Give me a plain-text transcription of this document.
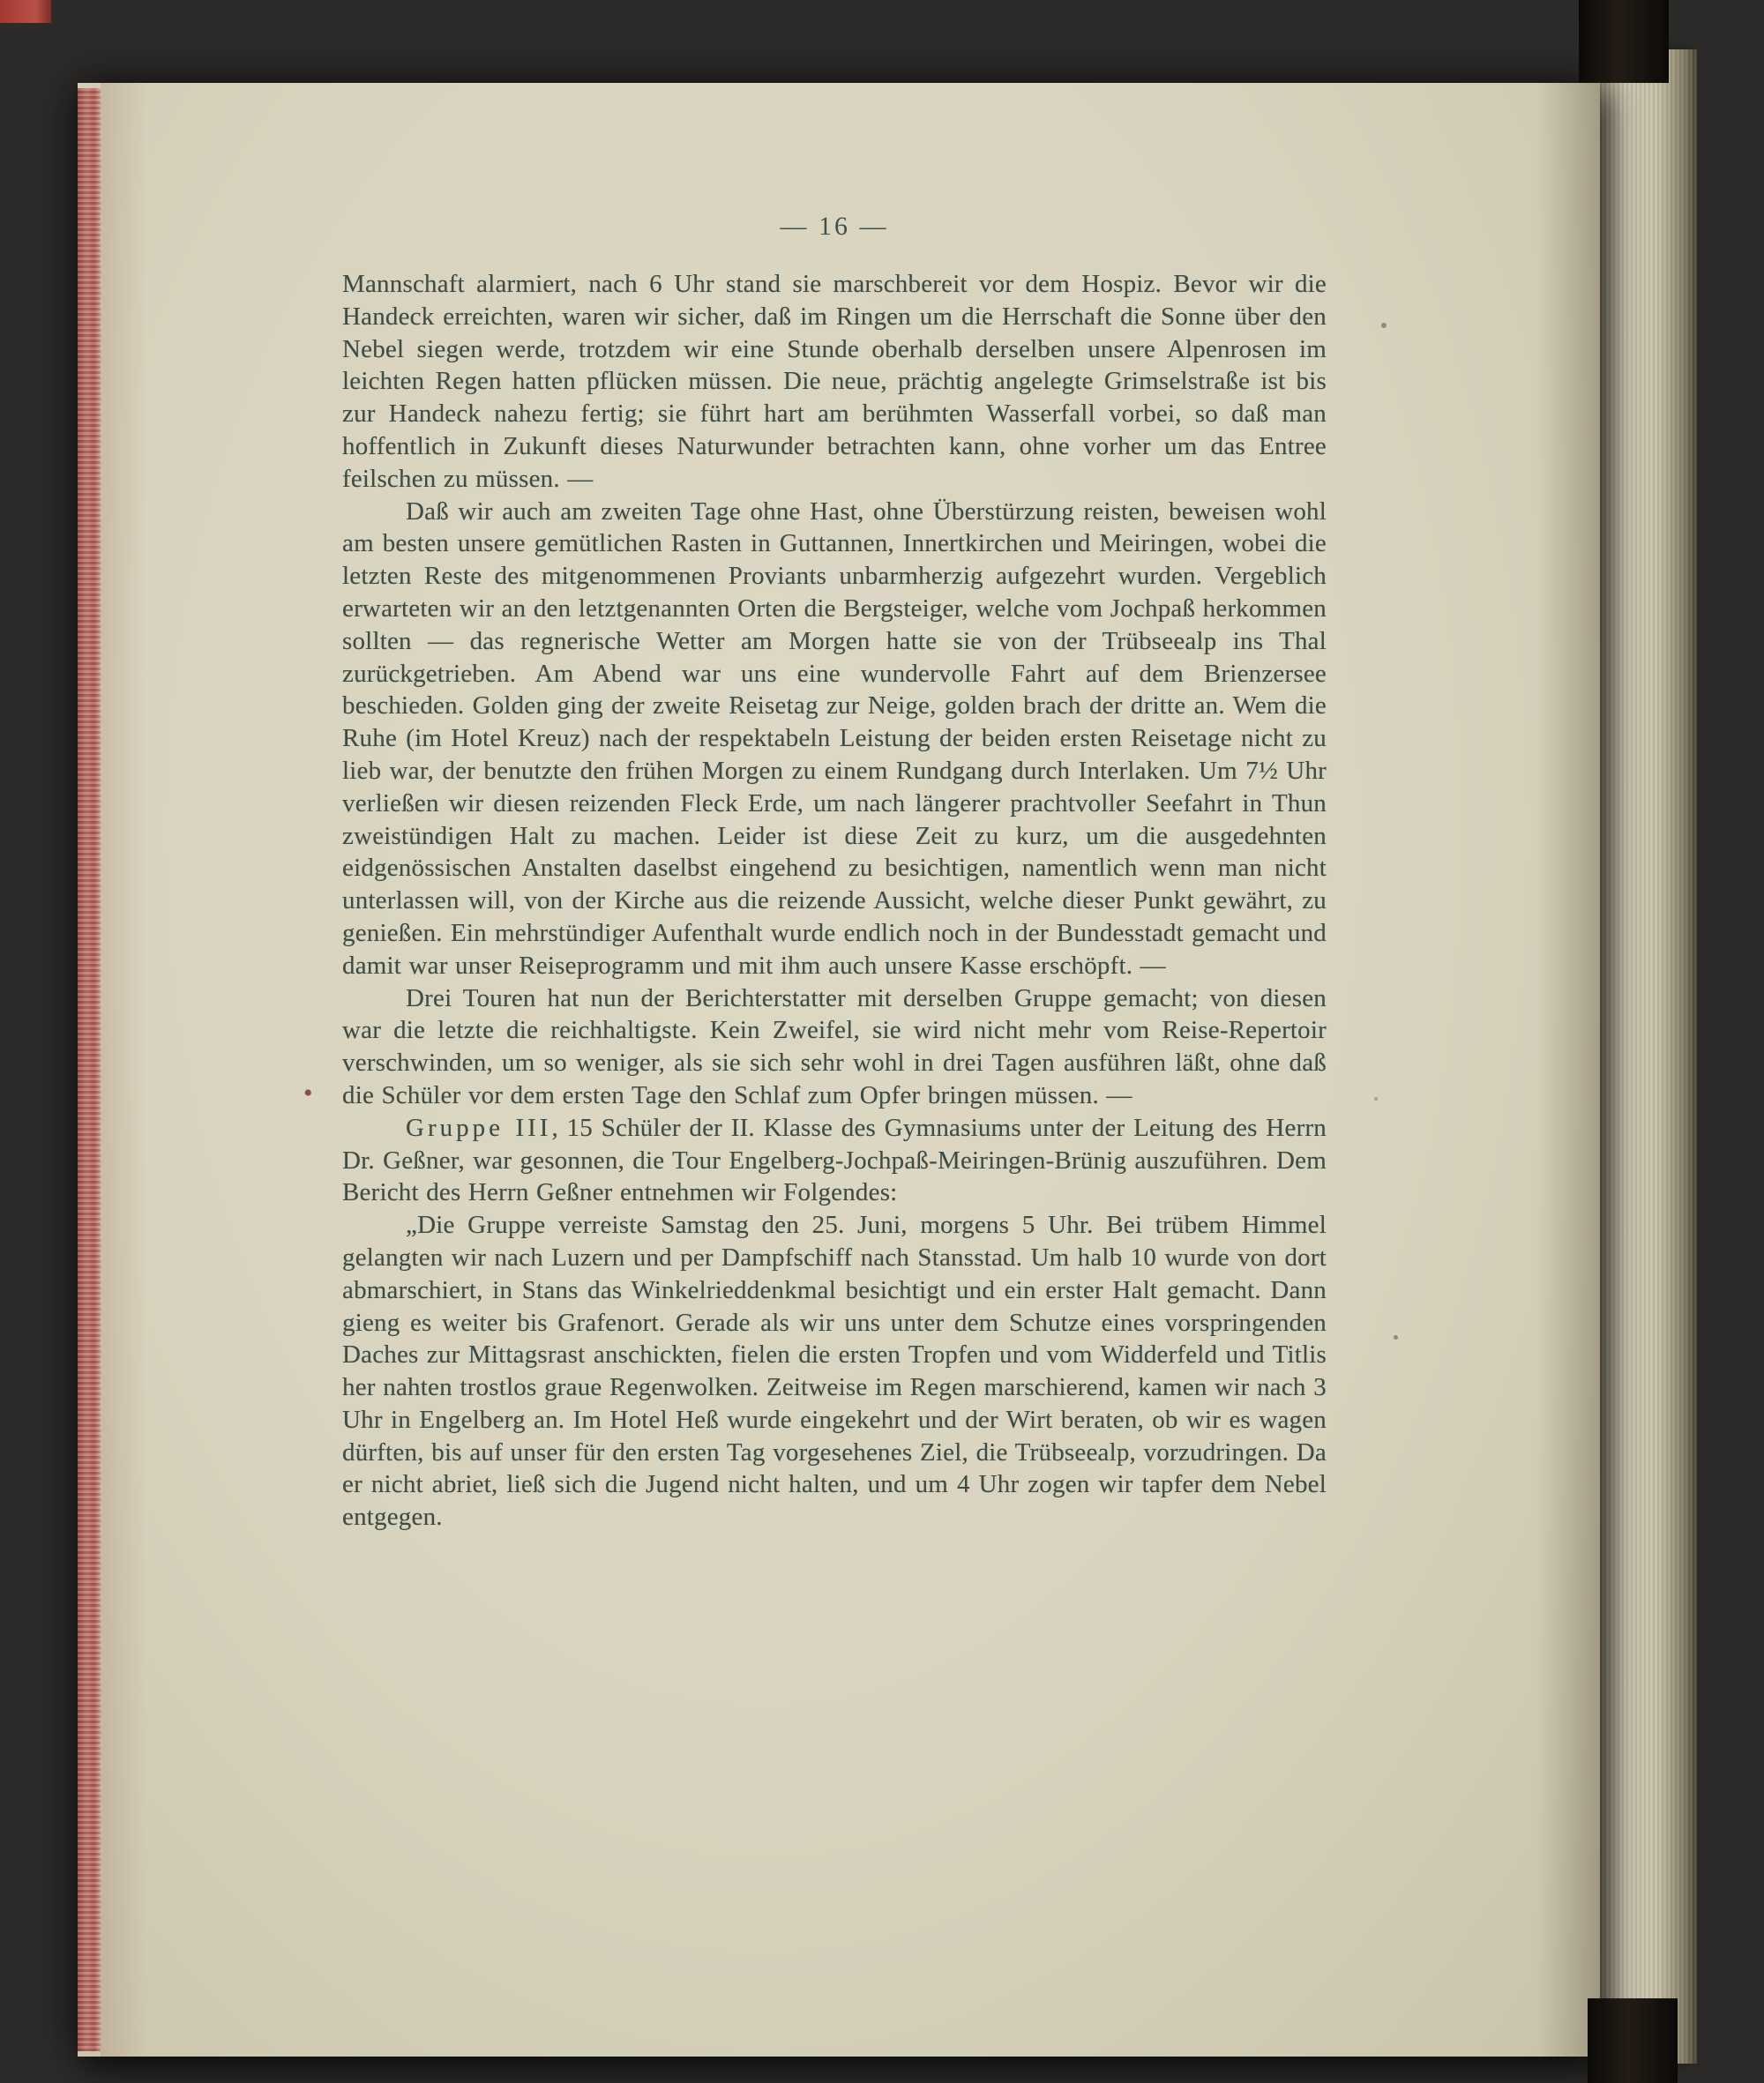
— 16 —
•

Mannschaft alarmiert, nach 6 Uhr stand sie marschbereit vor dem Hospiz. Bevor wir die Handeck erreichten, waren wir sicher, daß im Ringen um die Herrschaft die Sonne über den Nebel siegen werde, trotzdem wir eine Stunde oberhalb derselben unsere Alpenrosen im leichten Regen hatten pflücken müssen. Die neue, prächtig angelegte Grimselstraße ist bis zur Handeck nahezu fertig; sie führt hart am berühmten Wasserfall vorbei, so daß man hoffentlich in Zukunft dieses Naturwunder betrachten kann, ohne vorher um das Entree feilschen zu müssen. —

Daß wir auch am zweiten Tage ohne Hast, ohne Überstürzung reisten, beweisen wohl am besten unsere gemütlichen Rasten in Guttannen, Innertkirchen und Meiringen, wobei die letzten Reste des mitgenommenen Proviants unbarmherzig aufgezehrt wurden. Vergeblich erwarteten wir an den letztgenannten Orten die Bergsteiger, welche vom Jochpaß herkommen sollten — das regnerische Wetter am Morgen hatte sie von der Trübseealp ins Thal zurückgetrieben. Am Abend war uns eine wundervolle Fahrt auf dem Brienzersee beschieden. Golden ging der zweite Reisetag zur Neige, golden brach der dritte an. Wem die Ruhe (im Hotel Kreuz) nach der respektabeln Leistung der beiden ersten Reisetage nicht zu lieb war, der benutzte den frühen Morgen zu einem Rundgang durch Interlaken. Um 7½ Uhr verließen wir diesen reizenden Fleck Erde, um nach längerer prachtvoller Seefahrt in Thun zweistündigen Halt zu machen. Leider ist diese Zeit zu kurz, um die ausgedehnten eidgenössischen Anstalten daselbst eingehend zu besichtigen, namentlich wenn man nicht unterlassen will, von der Kirche aus die reizende Aussicht, welche dieser Punkt gewährt, zu genießen. Ein mehrstündiger Aufenthalt wurde endlich noch in der Bundesstadt gemacht und damit war unser Reiseprogramm und mit ihm auch unsere Kasse erschöpft. —

Drei Touren hat nun der Berichterstatter mit derselben Gruppe gemacht; von diesen war die letzte die reichhaltigste. Kein Zweifel, sie wird nicht mehr vom Reise-Repertoir verschwinden, um so weniger, als sie sich sehr wohl in drei Tagen ausführen läßt, ohne daß die Schüler vor dem ersten Tage den Schlaf zum Opfer bringen müssen. —

Gruppe III, 15 Schüler der II. Klasse des Gymnasiums unter der Leitung des Herrn Dr. Geßner, war gesonnen, die Tour Engelberg-Jochpaß-Meiringen-Brünig auszuführen. Dem Bericht des Herrn Geßner entnehmen wir Folgendes:

„Die Gruppe verreiste Samstag den 25. Juni, morgens 5 Uhr. Bei trübem Himmel gelangten wir nach Luzern und per Dampfschiff nach Stansstad. Um halb 10 wurde von dort abmarschiert, in Stans das Winkelrieddenkmal besichtigt und ein erster Halt gemacht. Dann gieng es weiter bis Grafenort. Gerade als wir uns unter dem Schutze eines vorspringenden Daches zur Mittagsrast anschickten, fielen die ersten Tropfen und vom Widderfeld und Titlis her nahten trostlos graue Regenwolken. Zeitweise im Regen marschierend, kamen wir nach 3 Uhr in Engelberg an. Im Hotel Heß wurde eingekehrt und der Wirt beraten, ob wir es wagen dürften, bis auf unser für den ersten Tag vorgesehenes Ziel, die Trübseealp, vorzudringen. Da er nicht abriet, ließ sich die Jugend nicht halten, und um 4 Uhr zogen wir tapfer dem Nebel entgegen.
